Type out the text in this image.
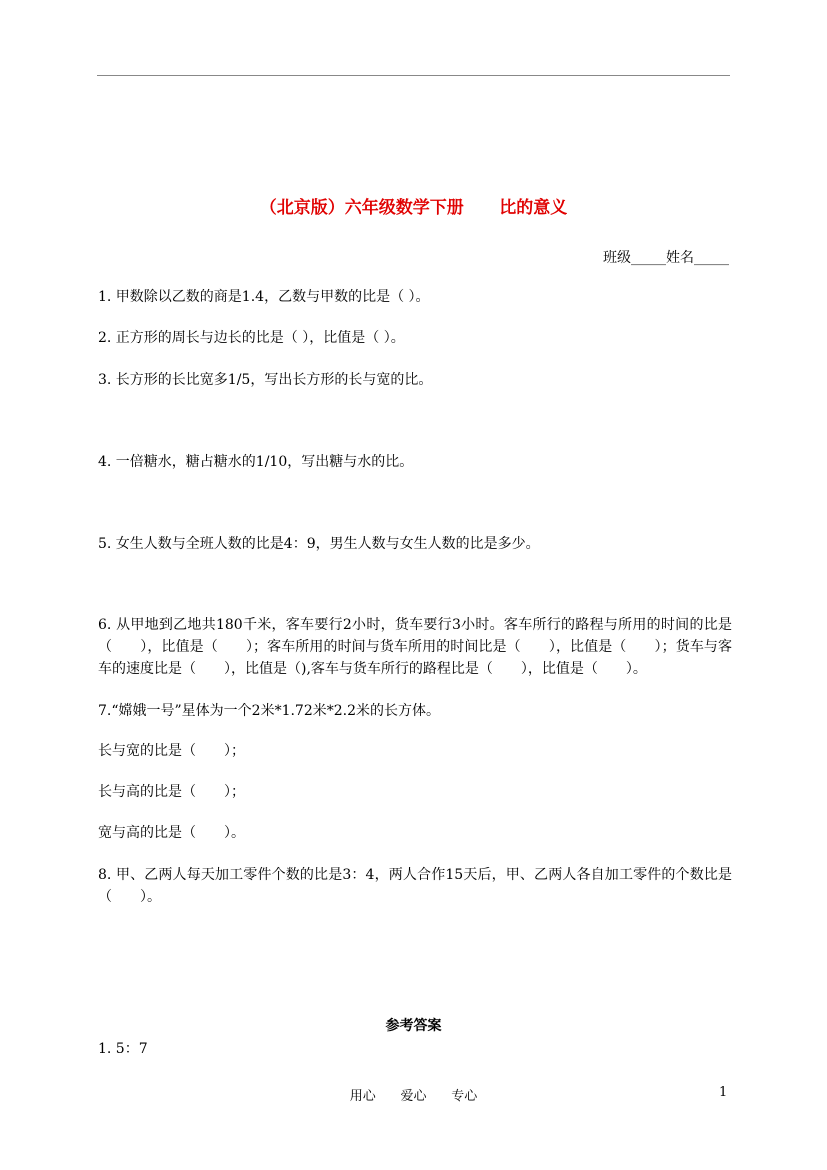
（北京版）六年级数学下册      比的意义
班级_____姓名_____
1. 甲数除以乙数的商是1.4，乙数与甲数的比是（ ）。
2. 正方形的周长与边长的比是（ ），比值是（ ）。
3. 长方形的长比宽多1/5，写出长方形的长与宽的比。
4. 一倍糖水，糖占糖水的1/10，写出糖与水的比。
5. 女生人数与全班人数的比是4：9，男生人数与女生人数的比是多少。
6. 从甲地到乙地共180千米，客车要行2小时，货车要行3小时。客车所行的路程与所用的时间的比是（　　），比值是（　　）；客车所用的时间与货车所用的时间比是（　　），比值是（　　）；货车与客车的速度比是（　　），比值是（),客车与货车所行的路程比是（　　），比值是（　　）。
7.“嫦娥一号”星体为一个2米*1.72米*2.2米的长方体。
长与宽的比是（　　）；
长与高的比是（　　）；
宽与高的比是（　　）。
8. 甲、乙两人每天加工零件个数的比是3：4，两人合作15天后，甲、乙两人各自加工零件的个数比是（　　）。
参考答案
1. 5：7
用心      爱心      专心	1
